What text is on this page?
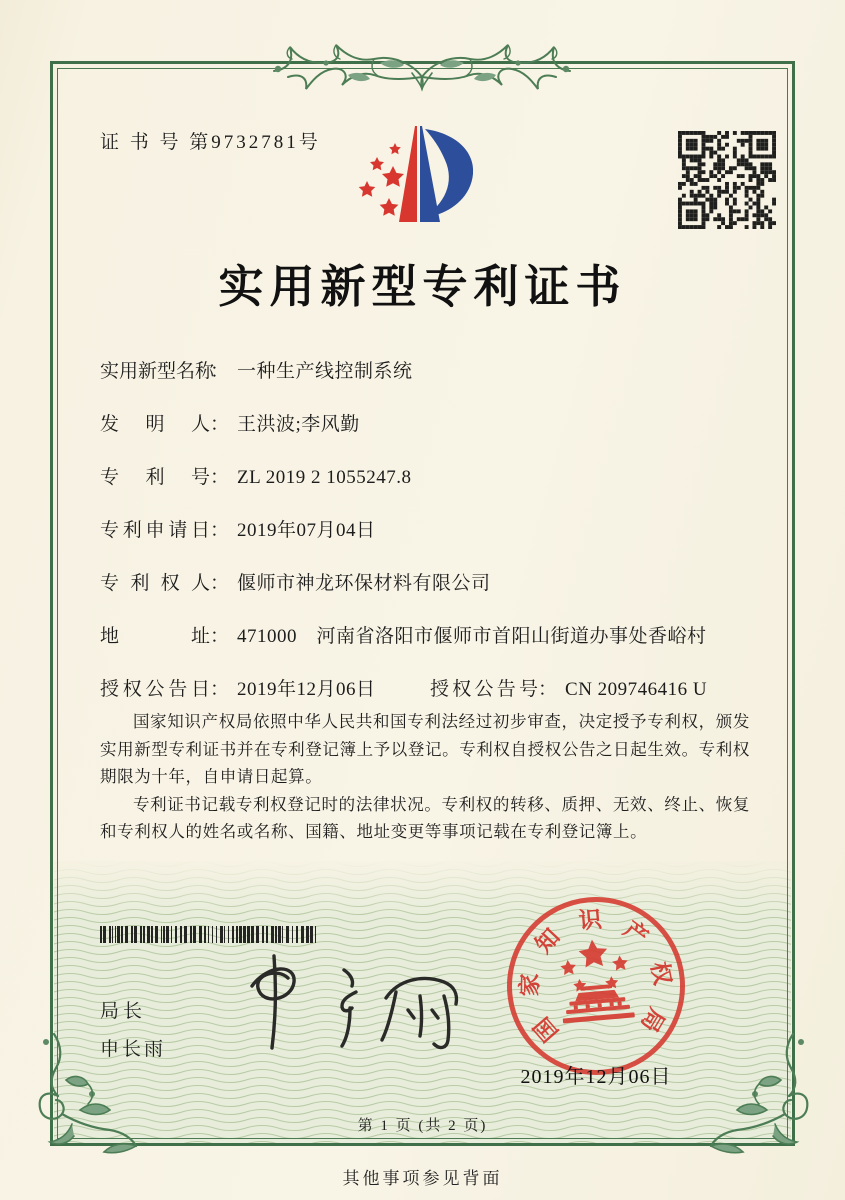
证 书 号 第9732781号
实用新型专利证书
实用新型名称： 一种生产线控制系统
发明人： 王洪波;李风勤
专利号： ZL 2019 2 1055247.8
专利申请日： 2019年07月04日
专利权人： 偃师市神龙环保材料有限公司
地址： 471000　河南省洛阳市偃师市首阳山街道办事处香峪村
授权公告日： 2019年12月06日	授权公告号： CN 209746416 U

国家知识产权局依照中华人民共和国专利法经过初步审查，决定授予专利权，颁发实用新型专利证书并在专利登记簿上予以登记。专利权自授权公告之日起生效。专利权期限为十年，自申请日起算。

专利证书记载专利权登记时的法律状况。专利权的转移、质押、无效、终止、恢复和专利权人的姓名或名称、国籍、地址变更等事项记载在专利登记簿上。

局长
申长雨
国
家
知
识 产
权
局
2019年12月06日
第 1 页 (共 2 页)
其他事项参见背面
